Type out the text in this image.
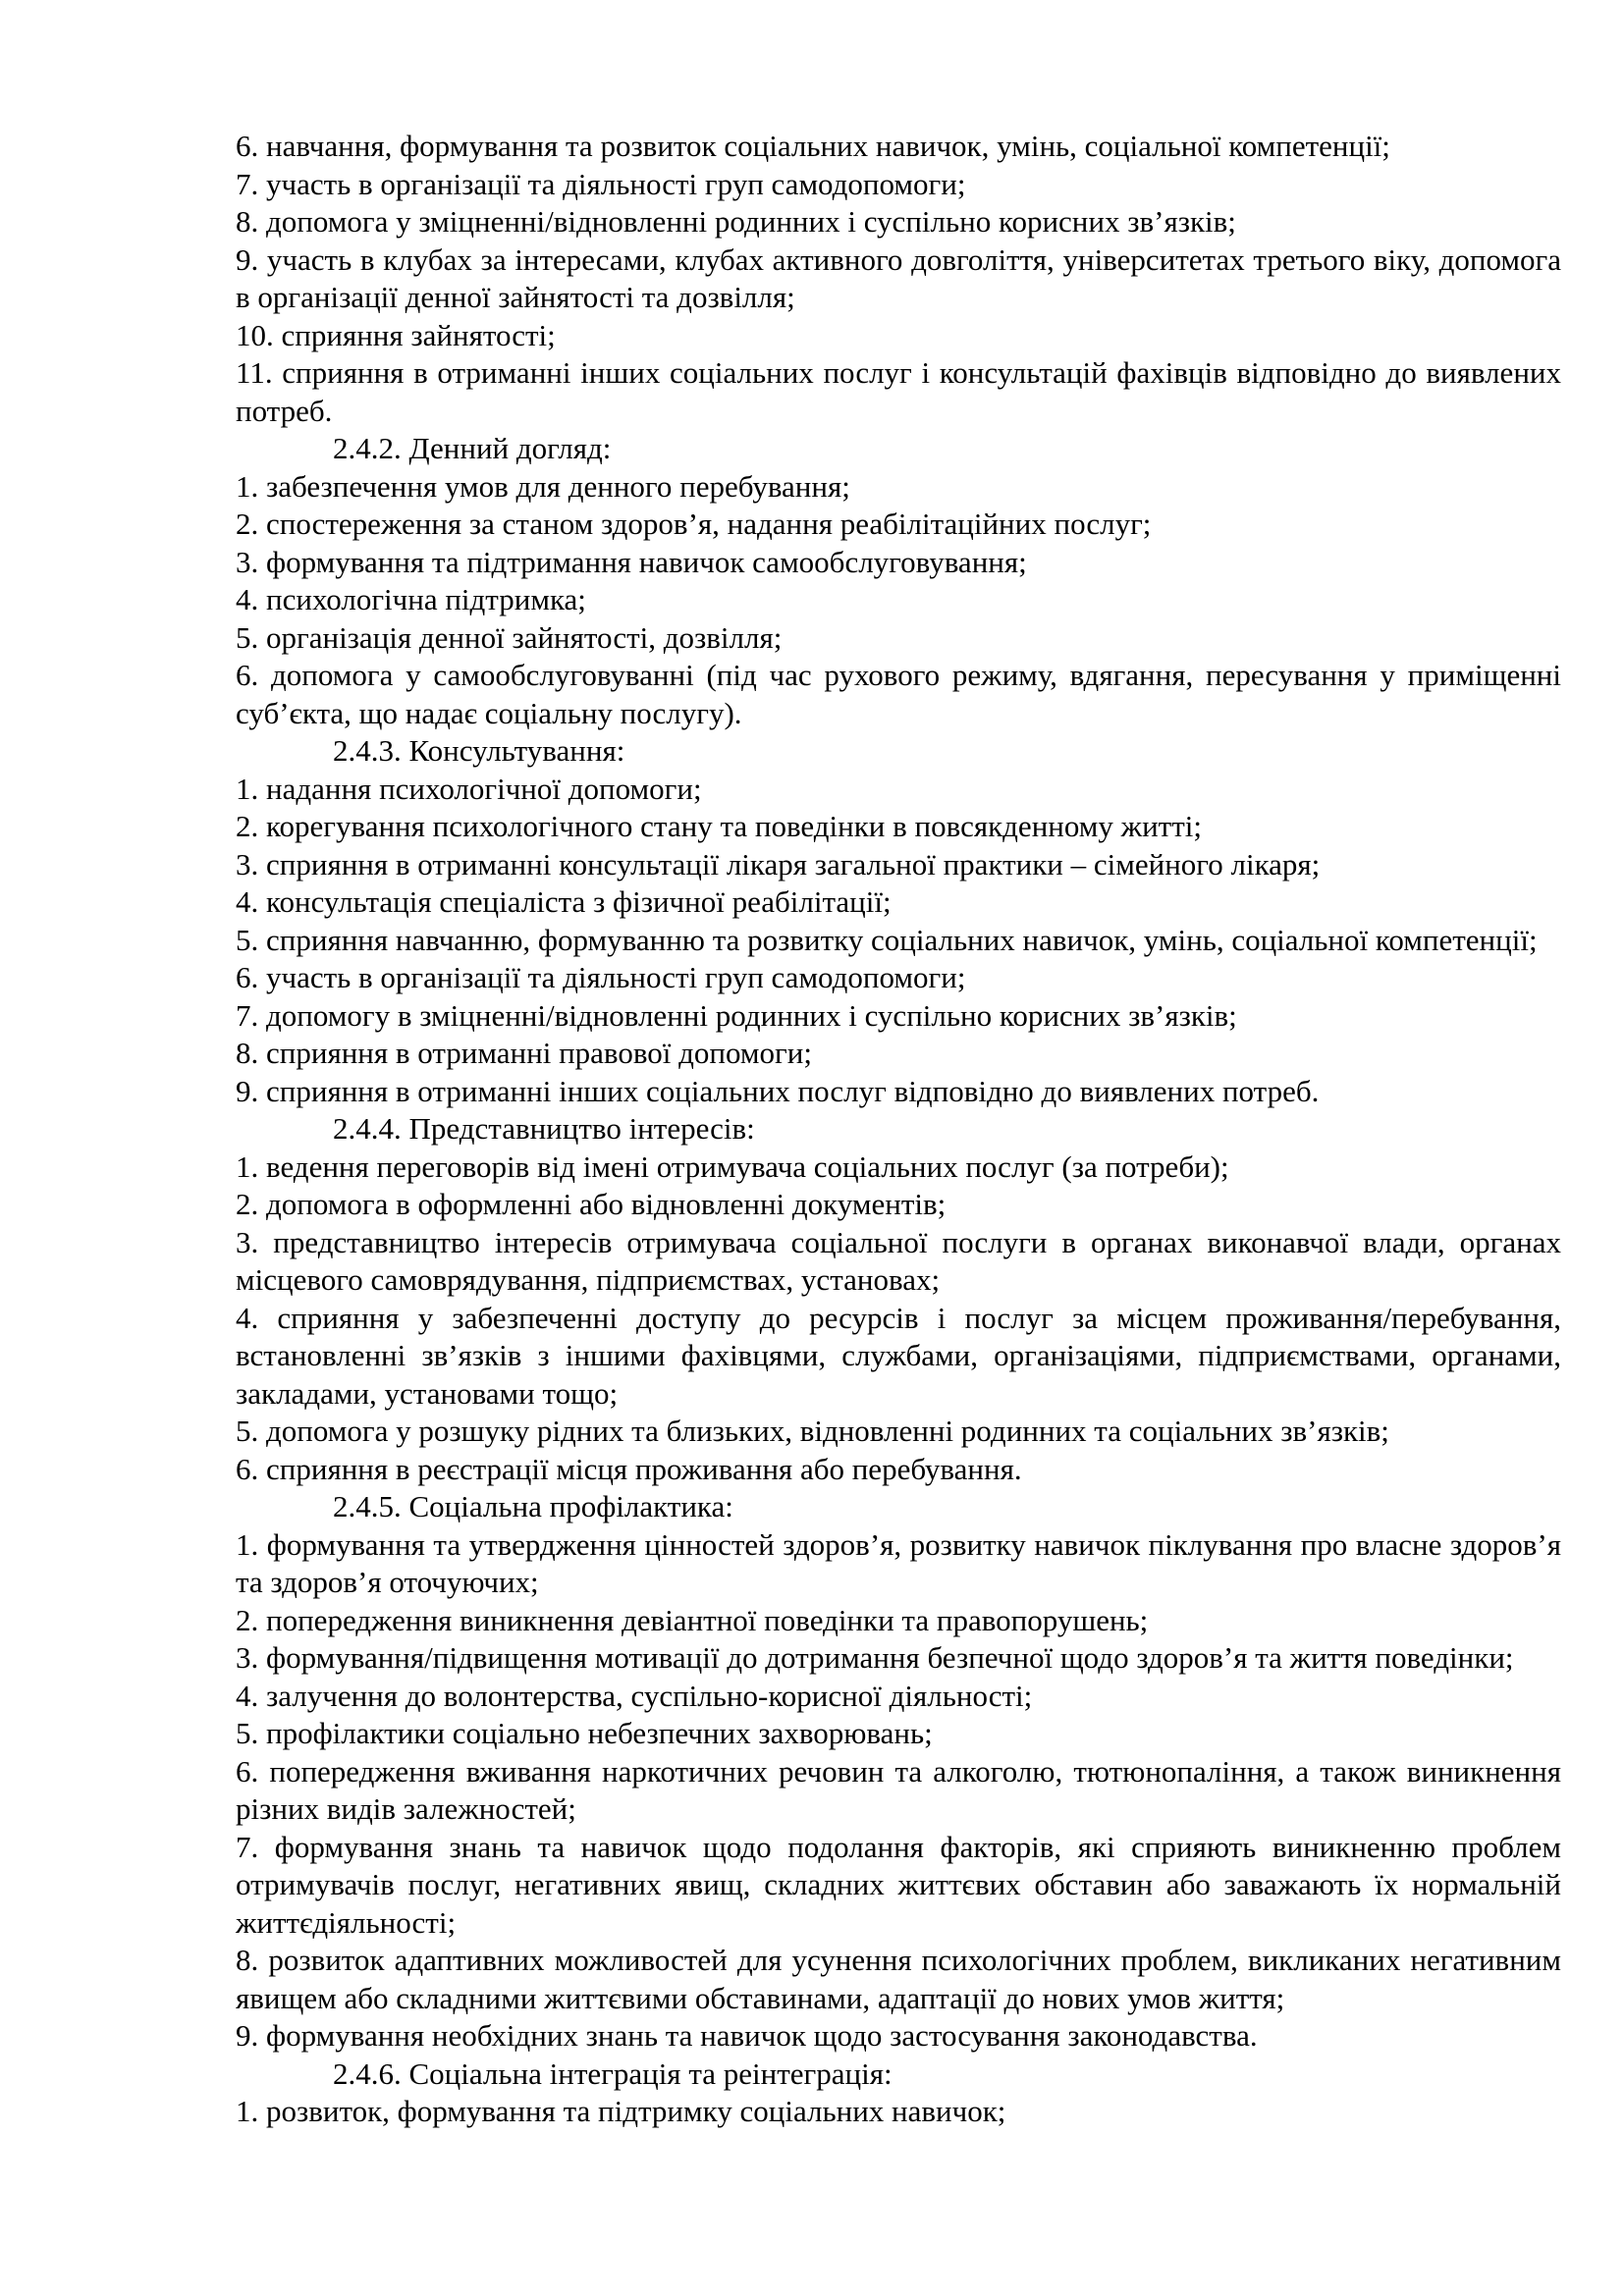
6. навчання, формування та розвиток соціальних навичок, умінь, соціальної компетенції;

7. участь в організації та діяльності груп самодопомоги;

8. допомога у зміцненні/відновленні родинних і суспільно корисних зв’язків;

9. участь в клубах за інтересами, клубах активного довголіття, університетах третього віку, допомога в організації денної зайнятості та дозвілля;

10. сприяння зайнятості;

11. сприяння в отриманні інших соціальних послуг і консультацій фахівців відповідно до виявлених потреб.

2.4.2. Денний догляд:

1. забезпечення умов для денного перебування;

2. спостереження за станом здоров’я, надання реабілітаційних послуг;

3. формування та підтримання навичок самообслуговування;

4. психологічна підтримка;

5. організація денної зайнятості, дозвілля;

6. допомога у самообслуговуванні (під час рухового режиму, вдягання, пересування у приміщенні суб’єкта, що надає соціальну послугу).

2.4.3. Консультування:

1. надання психологічної допомоги;

2. корегування психологічного стану та поведінки в повсякденному житті;

3. сприяння в отриманні консультації лікаря загальної практики – сімейного лікаря;

4. консультація спеціаліста з фізичної реабілітації;

5. сприяння навчанню, формуванню та розвитку соціальних навичок, умінь, соціальної компетенції;

6. участь в організації та діяльності груп самодопомоги;

7. допомогу в зміцненні/відновленні родинних і суспільно корисних зв’язків;

8. сприяння в отриманні правової допомоги;

9. сприяння в отриманні інших соціальних послуг відповідно до виявлених потреб.

2.4.4. Представництво інтересів:

1. ведення переговорів від імені отримувача соціальних послуг (за потреби);

2. допомога в оформленні або відновленні документів;

3. представництво інтересів отримувача соціальної послуги в органах виконавчої влади, органах місцевого самоврядування, підприємствах, установах;

4. сприяння у забезпеченні доступу до ресурсів і послуг за місцем проживання/перебування, встановленні зв’язків з іншими фахівцями, службами, організаціями, підприємствами, органами, закладами, установами тощо;

5. допомога у розшуку рідних та близьких, відновленні родинних та соціальних зв’язків;

6. сприяння в реєстрації місця проживання або перебування.

2.4.5. Соціальна профілактика:

1. формування та утвердження цінностей здоров’я, розвитку навичок піклування про власне здоров’я та здоров’я оточуючих;

2. попередження виникнення девіантної поведінки та правопорушень;

3. формування/підвищення мотивації до дотримання безпечної щодо здоров’я та життя поведінки;

4. залучення до волонтерства, суспільно-корисної діяльності;

5. профілактики соціально небезпечних захворювань;

6. попередження вживання наркотичних речовин та алкоголю, тютюнопаління, а також виникнення різних видів залежностей;

7. формування знань та навичок щодо подолання факторів, які сприяють виникненню проблем отримувачів послуг, негативних явищ, складних життєвих обставин або заважають їх нормальній життєдіяльності;

8. розвиток адаптивних можливостей для усунення психологічних проблем, викликаних негативним явищем або складними життєвими обставинами, адаптації до нових умов життя;

9. формування необхідних знань та навичок щодо застосування законодавства.

2.4.6. Соціальна інтеграція та реінтеграція:

1. розвиток, формування та підтримку соціальних навичок;
